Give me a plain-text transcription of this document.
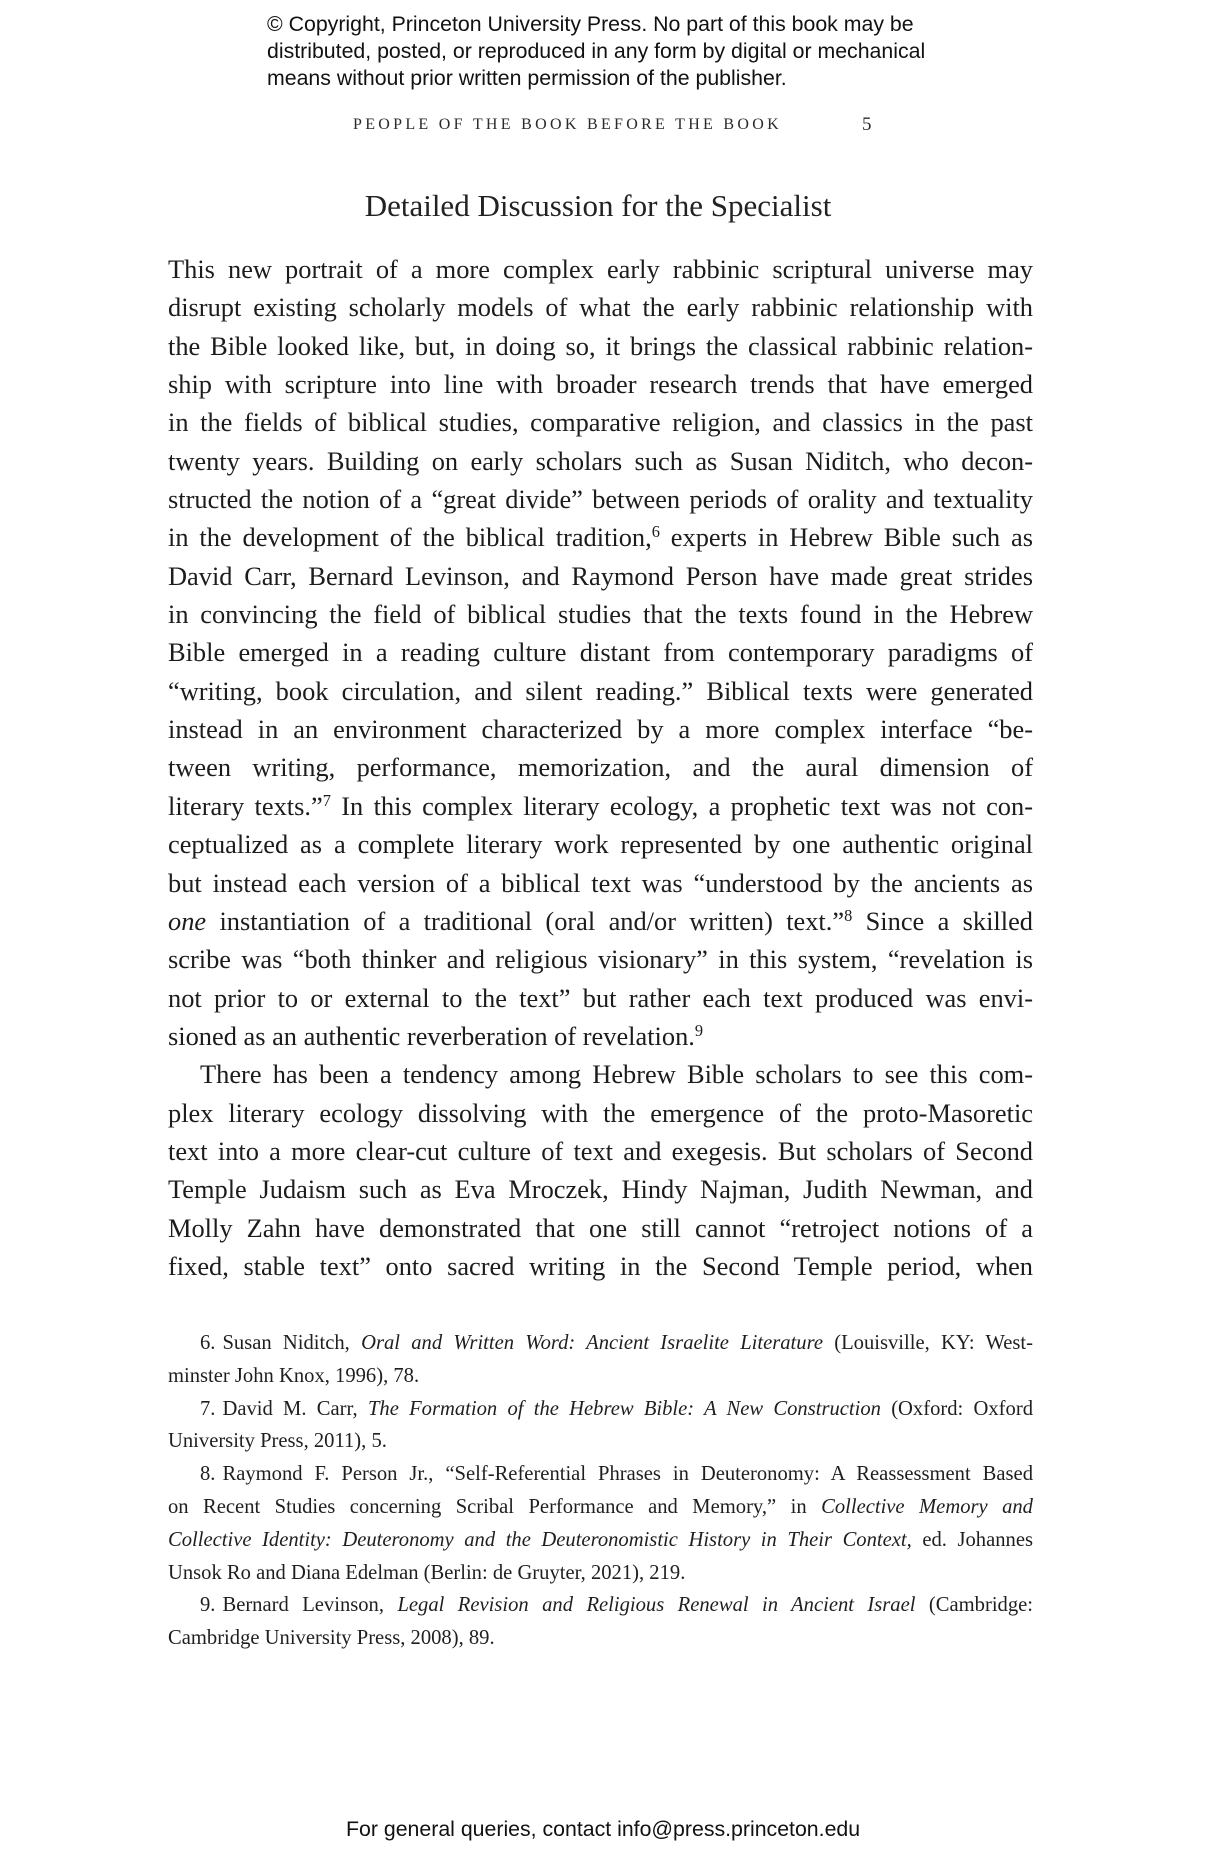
© Copyright, Princeton University Press. No part of this book may be
distributed, posted, or reproduced in any form by digital or mechanical
means without prior written permission of the publisher.
PEOPLE OF THE BOOK BEFORE THE BOOK	5
Detailed Discussion for the Specialist
This new portrait of a more complex early rabbinic scriptural universe may
disrupt existing scholarly models of what the early rabbinic relationship with
the Bible looked like, but, in doing so, it brings the classical rabbinic relation-
ship with scripture into line with broader research trends that have emerged
in the fields of biblical studies, comparative religion, and classics in the past
twenty years. Building on early scholars such as Susan Niditch, who decon-
structed the notion of a “great divide” between periods of orality and textuality
in the development of the biblical tradition,$^6$ experts in Hebrew Bible such as
David Carr, Bernard Levinson, and Raymond Person have made great strides
in convincing the field of biblical studies that the texts found in the Hebrew
Bible emerged in a reading culture distant from contemporary paradigms of
“writing, book circulation, and silent reading.” Biblical texts were generated
instead in an environment characterized by a more complex interface “be-
tween writing, performance, memorization, and the aural dimension of
literary texts.”$^7$ In this complex literary ecology, a prophetic text was not con-
ceptualized as a complete literary work represented by one authentic original
but instead each version of a biblical text was “understood by the ancients as
one instantiation of a traditional (oral and/or written) text.”$^8$ Since a skilled
scribe was “both thinker and religious visionary” in this system, “revelation is
not prior to or external to the text” but rather each text produced was envi-
sioned as an authentic reverberation of revelation.$^9$
There has been a tendency among Hebrew Bible scholars to see this com-
plex literary ecology dissolving with the emergence of the proto-Masoretic
text into a more clear-cut culture of text and exegesis. But scholars of Second
Temple Judaism such as Eva Mroczek, Hindy Najman, Judith Newman, and
Molly Zahn have demonstrated that one still cannot “retroject notions of a
fixed, stable text” onto sacred writing in the Second Temple period, when
6. Susan Niditch, Oral and Written Word: Ancient Israelite Literature (Louisville, KY: West-
minster John Knox, 1996), 78.
7. David M. Carr, The Formation of the Hebrew Bible: A New Construction (Oxford: Oxford
University Press, 2011), 5.
8. Raymond F. Person Jr., “Self-Referential Phrases in Deuteronomy: A Reassessment Based
on Recent Studies concerning Scribal Performance and Memory,” in Collective Memory and
Collective Identity: Deuteronomy and the Deuteronomistic History in Their Context, ed. Johannes
Unsok Ro and Diana Edelman (Berlin: de Gruyter, 2021), 219.
9. Bernard Levinson, Legal Revision and Religious Renewal in Ancient Israel (Cambridge:
Cambridge University Press, 2008), 89.
For general queries, contact info@press.princeton.edu
